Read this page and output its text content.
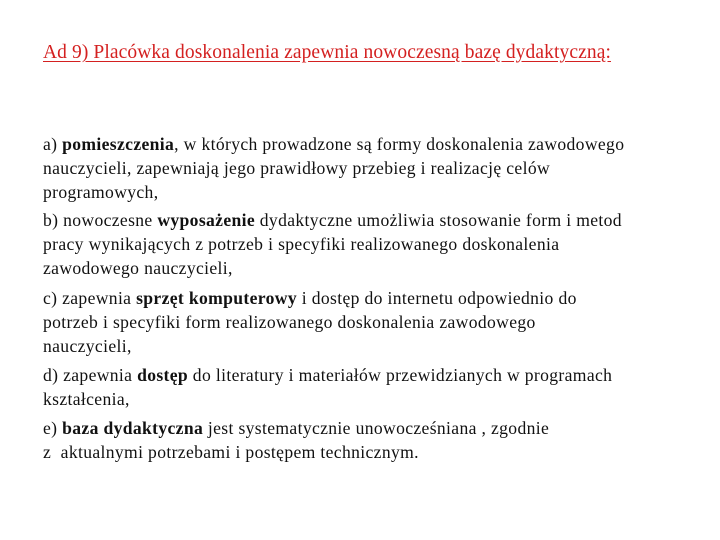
Ad 9) Placówka doskonalenia zapewnia nowoczesną bazę dydaktyczną:
a) pomieszczenia, w których prowadzone są formy doskonalenia zawodowego
nauczycieli, zapewniają jego prawidłowy przebieg i realizację celów
programowych,
b) nowoczesne wyposażenie dydaktyczne umożliwia stosowanie form i metod
pracy wynikających z potrzeb i specyfiki realizowanego doskonalenia
zawodowego nauczycieli,
c) zapewnia sprzęt komputerowy i dostęp do internetu odpowiednio do
potrzeb i specyfiki form realizowanego doskonalenia zawodowego
nauczycieli,
d) zapewnia dostęp do literatury i materiałów przewidzianych w programach
kształcenia,
e) baza dydaktyczna jest systematycznie unowocześniana , zgodnie
z  aktualnymi potrzebami i postępem technicznym.
